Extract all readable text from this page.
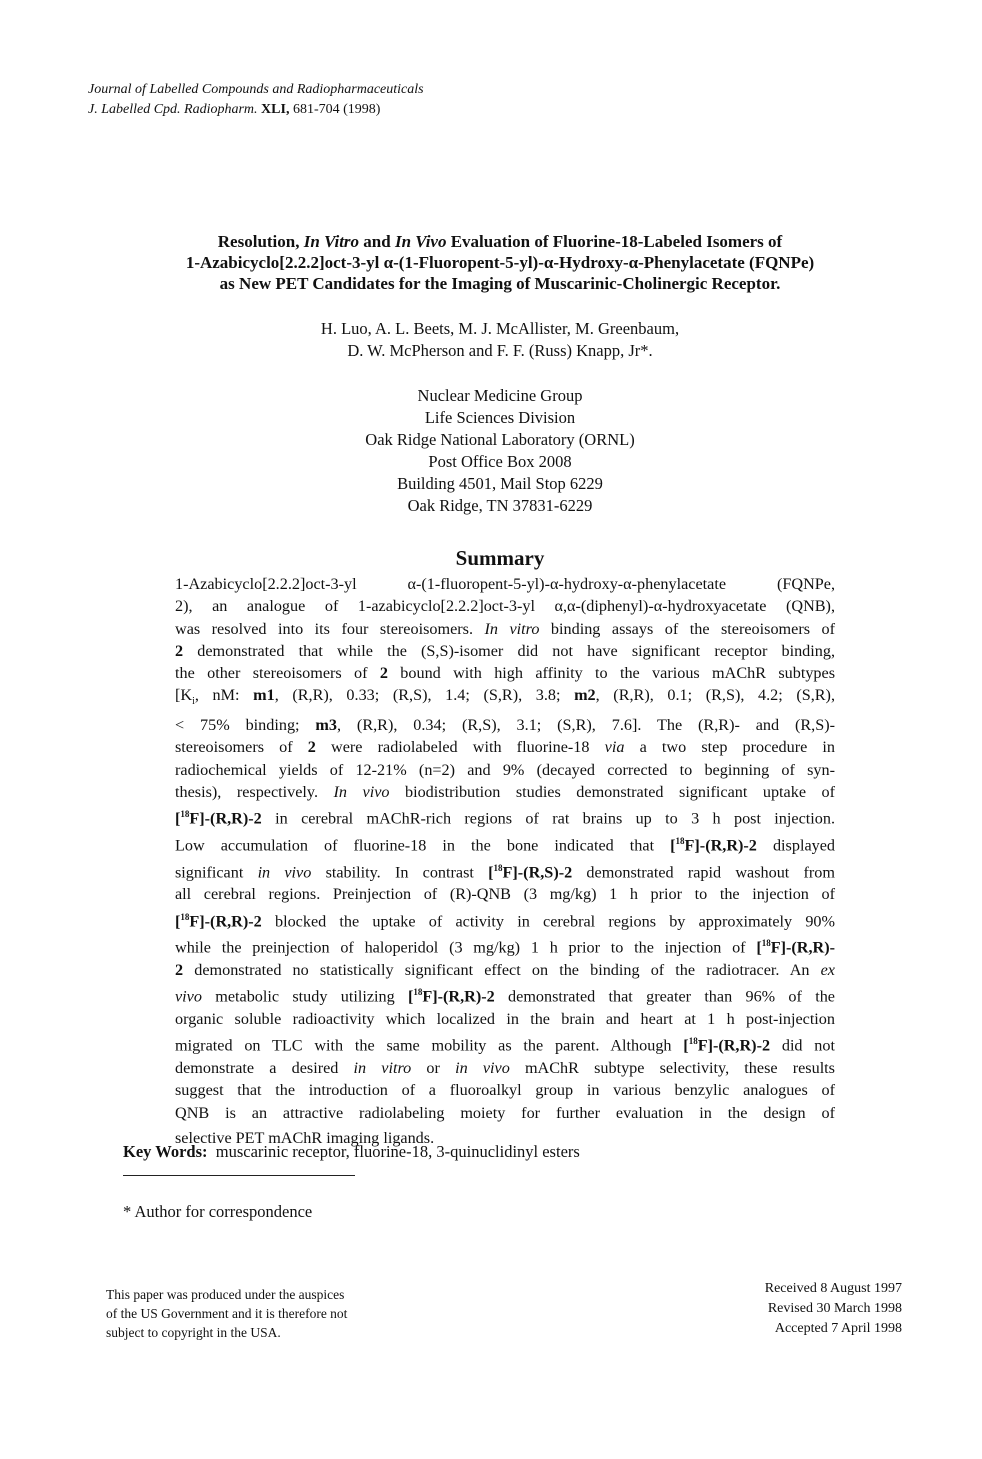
Journal of Labelled Compounds and Radiopharmaceuticals
J. Labelled Cpd. Radiopharm. XLI, 681-704 (1998)
Resolution, In Vitro and In Vivo Evaluation of Fluorine-18-Labeled Isomers of
1-Azabicyclo[2.2.2]oct-3-yl α-(1-Fluoropent-5-yl)-α-Hydroxy-α-Phenylacetate (FQNPe)
as New PET Candidates for the Imaging of Muscarinic-Cholinergic Receptor.
H. Luo, A. L. Beets, M. J. McAllister, M. Greenbaum,
D. W. McPherson and F. F. (Russ) Knapp, Jr*.
Nuclear Medicine Group
Life Sciences Division
Oak Ridge National Laboratory (ORNL)
Post Office Box 2008
Building 4501, Mail Stop 6229
Oak Ridge, TN 37831-6229
Summary
1-Azabicyclo[2.2.2]oct-3-yl α-(1-fluoropent-5-yl)-α-hydroxy-α-phenylacetate (FQNPe,
2), an analogue of 1-azabicyclo[2.2.2]oct-3-yl α,α-(diphenyl)-α-hydroxyacetate (QNB),
was resolved into its four stereoisomers. In vitro binding assays of the stereoisomers of
2 demonstrated that while the (S,S)-isomer did not have significant receptor binding,
the other stereoisomers of 2 bound with high affinity to the various mAChR subtypes
[$K_i$, nM: m1, (R,R), 0.33; (R,S), 1.4; (S,R), 3.8; m2, (R,R), 0.1; (R,S), 4.2; (S,R),
< 75% binding; m3, (R,R), 0.34; (R,S), 3.1; (S,R), 7.6]. The (R,R)- and (R,S)-
stereoisomers of 2 were radiolabeled with fluorine-18 via a two step procedure in
radiochemical yields of 12-21% (n=2) and 9% (decayed corrected to beginning of syn-
thesis), respectively. In vivo biodistribution studies demonstrated significant uptake of
[$^{18}$F]-(R,R)-2 in cerebral mAChR-rich regions of rat brains up to 3 h post injection.
Low accumulation of fluorine-18 in the bone indicated that [$^{18}$F]-(R,R)-2 displayed
significant in vivo stability. In contrast [$^{18}$F]-(R,S)-2 demonstrated rapid washout from
all cerebral regions. Preinjection of (R)-QNB (3 mg/kg) 1 h prior to the injection of
[$^{18}$F]-(R,R)-2 blocked the uptake of activity in cerebral regions by approximately 90%
while the preinjection of haloperidol (3 mg/kg) 1 h prior to the injection of [$^{18}$F]-(R,R)-
2 demonstrated no statistically significant effect on the binding of the radiotracer. An ex
vivo metabolic study utilizing [$^{18}$F]-(R,R)-2 demonstrated that greater than 96% of the
organic soluble radioactivity which localized in the brain and heart at 1 h post-injection
migrated on TLC with the same mobility as the parent. Although [$^{18}$F]-(R,R)-2 did not
demonstrate a desired in vitro or in vivo mAChR subtype selectivity, these results
suggest that the introduction of a fluoroalkyl group in various benzylic analogues of
QNB is an attractive radiolabeling moiety for further evaluation in the design of
selective PET mAChR imaging ligands.
Key Words: muscarinic receptor, fluorine-18, 3-quinuclidinyl esters
* Author for correspondence
This paper was produced under the auspices
of the US Government and it is therefore not
subject to copyright in the USA.
Received 8 August 1997
Revised 30 March 1998
Accepted 7 April 1998
